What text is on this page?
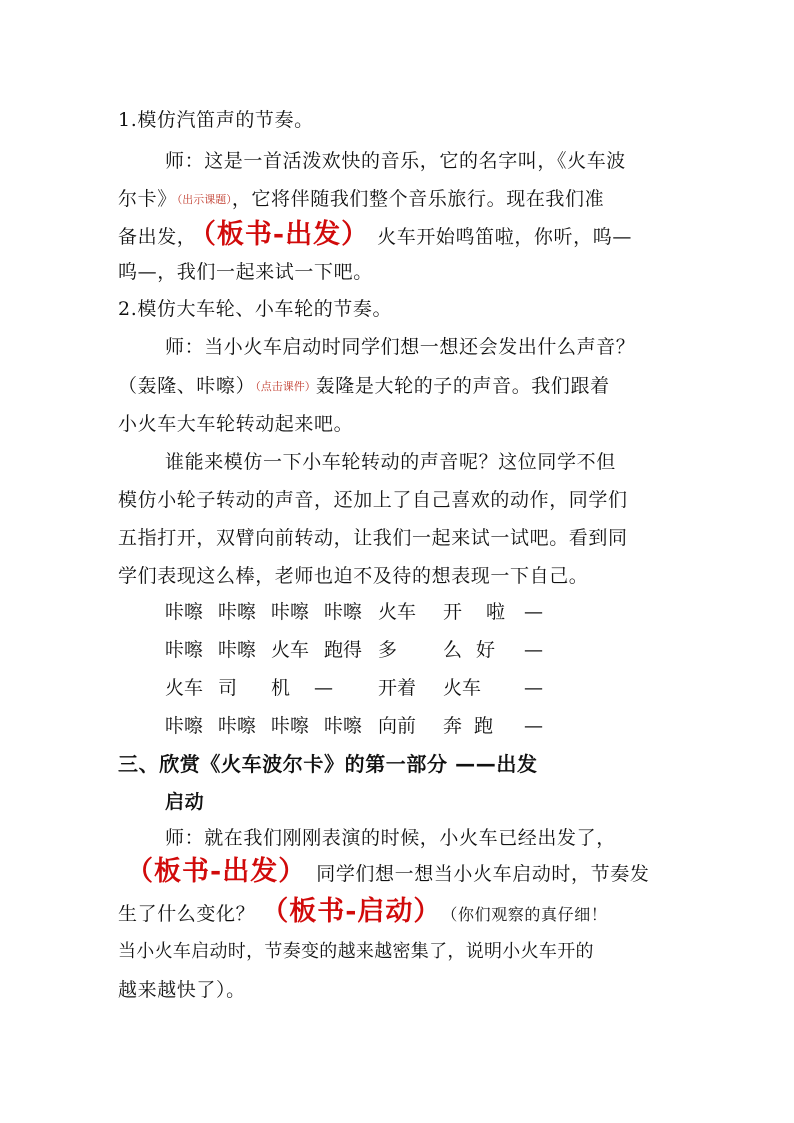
1.模仿汽笛声的节奏。
师：这是一首活泼欢快的音乐，它的名字叫，《火车波
尔卡》（出示课题），它将伴随我们整个音乐旅行。现在我们准
备出发， （板书-出发） 火车开始鸣笛啦，你听，呜—
呜—，我们一起来试一下吧。
2.模仿大车轮、小车轮的节奏。
师：当小火车启动时同学们想一想还会发出什么声音？
（轰隆、咔嚓）（点击课件）轰隆是大轮的子的声音。我们跟着
小火车大车轮转动起来吧。
谁能来模仿一下小车轮转动的声音呢？这位同学不但
模仿小轮子转动的声音，还加上了自己喜欢的动作，同学们
五指打开，双臂向前转动，让我们一起来试一试吧。看到同
学们表现这么棒，老师也迫不及待的想表现一下自己。
咔嚓 咔嚓 咔嚓 咔嚓 火车 开 啦 —
咔嚓 咔嚓 火车 跑得 多 么 好 —
火车 司 机 — 开着 火车 —
咔嚓 咔嚓 咔嚓 咔嚓 向前 奔 跑 —
三、欣赏《火车波尔卡》的第一部分 ——出发
启动
师：就在我们刚刚表演的时候，小火车已经出发了，
（板书-出发） 同学们想一想当小火车启动时，节奏发
生了什么变化？ （板书-启动） （你们观察的真仔细！
当小火车启动时，节奏变的越来越密集了，说明小火车开的
越来越快了）。
